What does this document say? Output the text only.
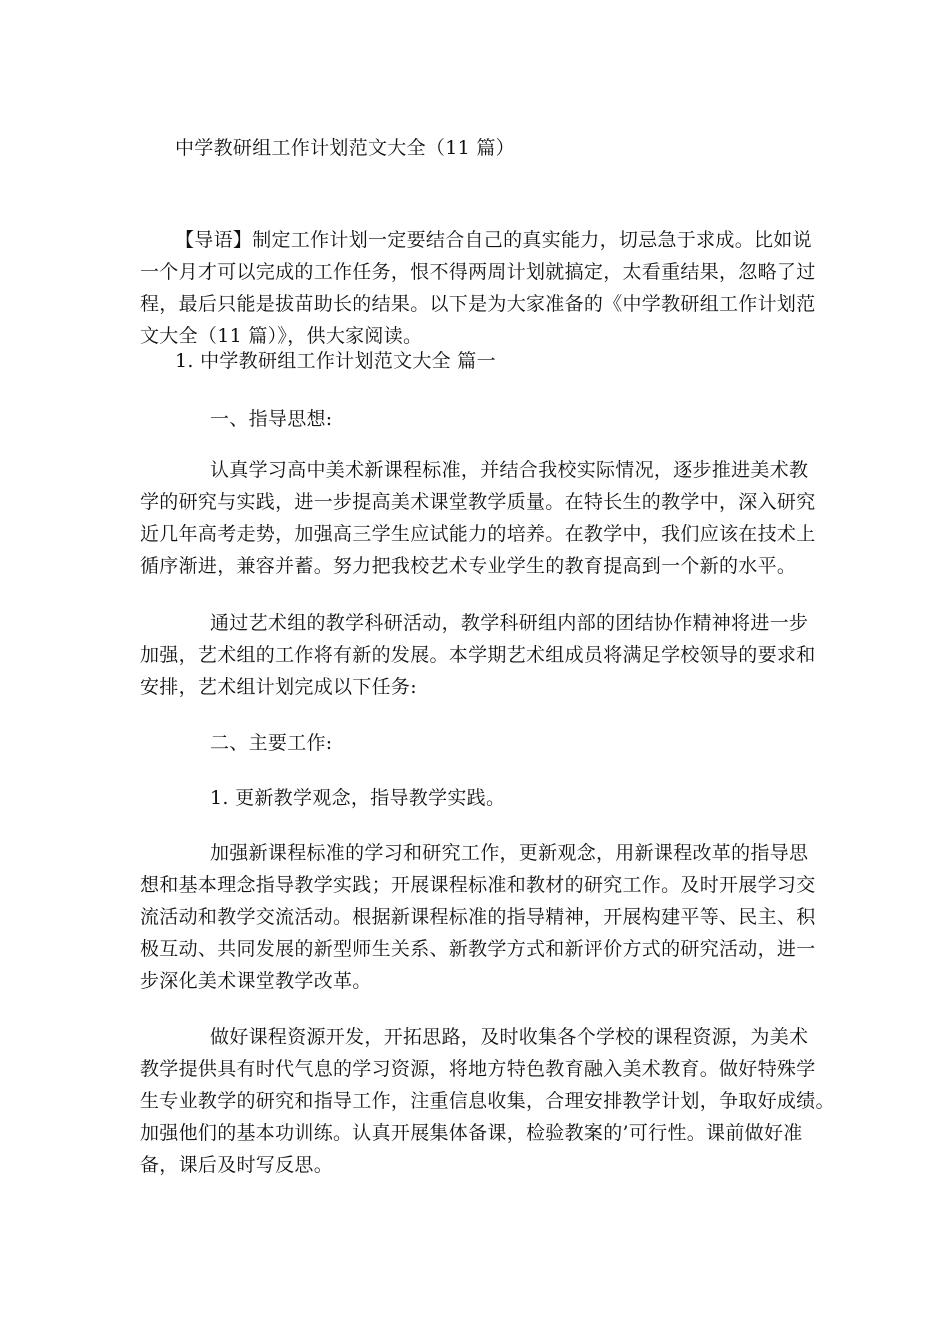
中学教研组工作计划范文大全（11 篇）
【导语】制定工作计划一定要结合自己的真实能力，切忌急于求成。比如说
一个月才可以完成的工作任务，恨不得两周计划就搞定，太看重结果，忽略了过
程，最后只能是拔苗助长的结果。以下是为大家准备的《中学教研组工作计划范
文大全（11 篇）》，供大家阅读。
1. 中学教研组工作计划范文大全 篇一
一、指导思想:
认真学习高中美术新课程标准，并结合我校实际情况，逐步推进美术教
学的研究与实践，进一步提高美术课堂教学质量。在特长生的教学中，深入研究
近几年高考走势，加强高三学生应试能力的培养。在教学中，我们应该在技术上
循序渐进，兼容并蓄。努力把我校艺术专业学生的教育提高到一个新的水平。
通过艺术组的教学科研活动，教学科研组内部的团结协作精神将进一步
加强，艺术组的工作将有新的发展。本学期艺术组成员将满足学校领导的要求和
安排，艺术组计划完成以下任务:
二、主要工作:
1. 更新教学观念，指导教学实践。
加强新课程标准的学习和研究工作，更新观念，用新课程改革的指导思
想和基本理念指导教学实践；开展课程标准和教材的研究工作。及时开展学习交
流活动和教学交流活动。根据新课程标准的指导精神，开展构建平等、民主、积
极互动、共同发展的新型师生关系、新教学方式和新评价方式的研究活动，进一
步深化美术课堂教学改革。
做好课程资源开发，开拓思路，及时收集各个学校的课程资源，为美术
教学提供具有时代气息的学习资源，将地方特色教育融入美术教育。做好特殊学
生专业教学的研究和指导工作，注重信息收集，合理安排教学计划，争取好成绩。
加强他们的基本功训练。认真开展集体备课，检验教案的’可行性。课前做好准
备，课后及时写反思。
